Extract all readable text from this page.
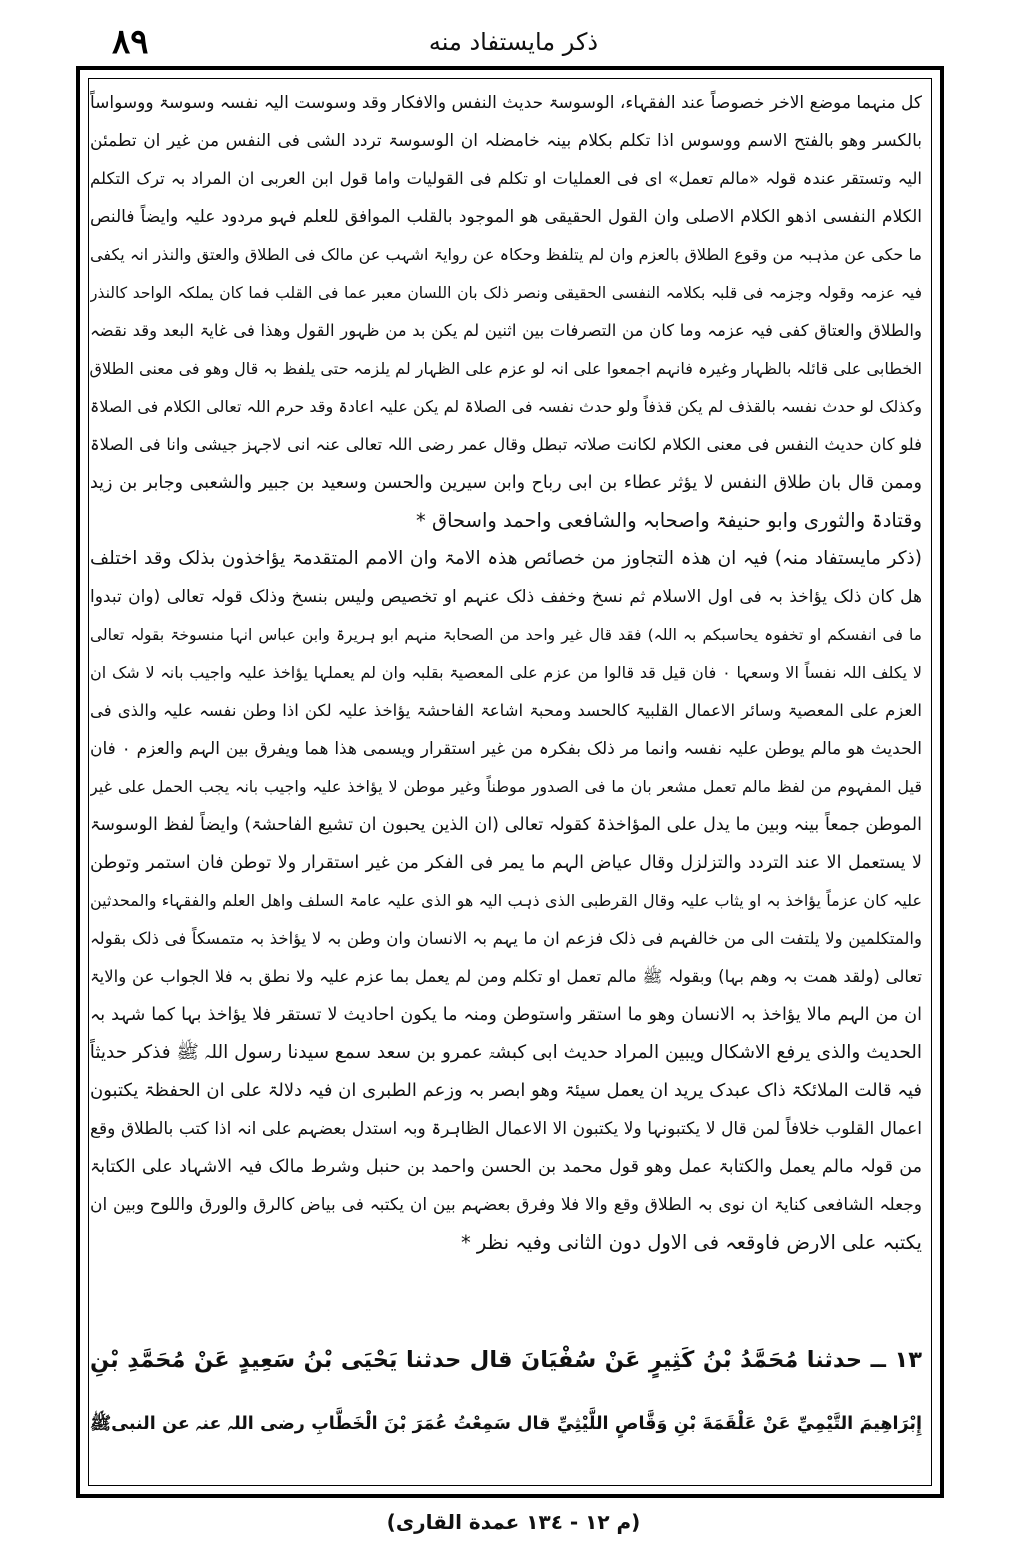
٨٩	ذکر مایستفاد منه
کل منہما موضع الاخر خصوصاً عند الفقہاء، الوسوسۃ حدیث النفس والافکار وقد وسوست الیہ نفسہ وسوسۃ ووسواساً
بالکسر وھو بالفتح الاسم ووسوس اذا تکلم بکلام بینہ خامضلہ ان الوسوسۃ تردد الشی فی النفس من غیر ان تطمئن
الیہ وتستقر عندہ قولہ «مالم تعمل» ای فی العملیات او تکلم فی القولیات واما قول ابن العربی ان المراد بہ ترک التکلم
الکلام النفسی اذھو الکلام الاصلی وان القول الحقیقی ھو الموجود بالقلب الموافق للعلم فہو مردود علیہ وایضاً فالنص
ما حکی عن مذہبہ من وقوع الطلاق بالعزم وان لم یتلفظ وحکاہ عن روایۃ اشہب عن مالک فی الطلاق والعتق والنذر انہ یکفی
فیہ عزمہ وقولہ وجزمہ فی قلبہ بکلامہ النفسی الحقیقی ونصر ذلک بان اللسان معبر عما فی القلب فما کان یملکہ الواحد کالنذر
والطلاق والعتاق کفی فیہ عزمہ وما کان من التصرفات بین اثنین لم یکن بد من ظہور القول وھذا فی غایۃ البعد وقد نقضہ
الخطابی علی قائلہ بالظہار وغیرہ فانہم اجمعوا علی انہ لو عزم علی الظہار لم یلزمہ حتی یلفظ بہ قال وھو فی معنی الطلاق
وکذلک لو حدث نفسہ بالقذف لم یکن قذفاً ولو حدث نفسہ فی الصلاۃ لم یکن علیہ اعادۃ وقد حرم اللہ تعالی الکلام فی الصلاۃ
فلو کان حدیث النفس فی معنی الکلام لکانت صلاتہ تبطل وقال عمر رضی اللہ تعالی عنہ انی لاجہز جیشی وانا فی الصلاۃ
وممن قال بان طلاق النفس لا یؤثر عطاء بن ابی رباح وابن سیرین والحسن وسعید بن جبیر والشعبی وجابر بن زید
وقتادۃ والثوری وابو حنیفۃ واصحابہ والشافعی واحمد واسحاق *
(ذکر مایستفاد منہ) فیہ ان ھذہ التجاوز من خصائص ھذہ الامۃ وان الامم المتقدمۃ یؤاخذون بذلک وقد اختلف
ھل کان ذلک یؤاخذ بہ فی اول الاسلام ثم نسخ وخفف ذلک عنہم او تخصیص ولیس بنسخ وذلک قولہ تعالی (وان تبدوا
ما فی انفسکم او تخفوہ یحاسبکم بہ اللہ) فقد قال غیر واحد من الصحابۃ منہم ابو ہریرۃ وابن عباس انہا منسوخۃ بقولہ تعالی
لا یکلف اللہ نفساً الا وسعہا ۰ فان قیل قد قالوا من عزم علی المعصیۃ بقلبہ وان لم یعملہا یؤاخذ علیہ واجیب بانہ لا شک ان
العزم علی المعصیۃ وسائر الاعمال القلبیۃ کالحسد ومحبۃ اشاعۃ الفاحشۃ یؤاخذ علیہ لکن اذا وطن نفسہ علیہ والذی فی
الحدیث ھو مالم یوطن علیہ نفسہ وانما مر ذلک بفکرہ من غیر استقرار ویسمی ھذا ھما ویفرق بین الہم والعزم ۰ فان
قیل المفہوم من لفظ مالم تعمل مشعر بان ما فی الصدور موطناً وغیر موطن لا یؤاخذ علیہ واجیب بانہ یجب الحمل علی غیر
الموطن جمعاً بینہ وبین ما یدل علی المؤاخذۃ کقولہ تعالی (ان الذین یحبون ان تشیع الفاحشۃ) وایضاً لفظ الوسوسۃ
لا یستعمل الا عند التردد والتزلزل وقال عیاض الہم ما یمر فی الفکر من غیر استقرار ولا توطن فان استمر وتوطن
علیہ کان عزماً یؤاخذ بہ او یثاب علیہ وقال القرطبی الذی ذہب الیہ ھو الذی علیہ عامۃ السلف واھل العلم والفقہاء والمحدثین
والمتکلمین ولا یلتفت الی من خالفہم فی ذلک فزعم ان ما یہم بہ الانسان وان وطن بہ لا یؤاخذ بہ متمسکاً فی ذلک بقولہ
تعالی (ولقد ھمت بہ وھم بہا) وبقولہ ﷺ مالم تعمل او تکلم ومن لم یعمل بما عزم علیہ ولا نطق بہ فلا الجواب عن والایۃ
ان من الہم مالا یؤاخذ بہ الانسان وھو ما استقر واستوطن ومنہ ما یکون احادیث لا تستقر فلا یؤاخذ بہا کما شہد بہ
الحدیث والذی یرفع الاشکال ویبین المراد حدیث ابی کبشۃ عمرو بن سعد سمع سیدنا رسول اللہ ﷺ فذکر حدیثاً
فیہ قالت الملائکۃ ذاک عبدک یرید ان یعمل سیئۃ وھو ابصر بہ وزعم الطبری ان فیہ دلالۃ علی ان الحفظۃ یکتبون
اعمال القلوب خلافاً لمن قال لا یکتبونہا ولا یکتبون الا الاعمال الظاہرۃ وبہ استدل بعضہم علی انہ اذا کتب بالطلاق وقع
من قولہ مالم یعمل والکتابۃ عمل وھو قول محمد بن الحسن واحمد بن حنبل وشرط مالک فیہ الاشہاد علی الکتابۃ
وجعلہ الشافعی کنایۃ ان نوی بہ الطلاق وقع والا فلا وفرق بعضہم بین ان یکتبہ فی بیاض کالرق والورق واللوح وبین ان
یکتبہ علی الارض فاوقعہ فی الاول دون الثانی وفیہ نظر *
۱۳ ــ حدثنا مُحَمَّدُ بْنُ كَثِيرٍ عَنْ سُفْيَانَ قال حدثنا يَحْيَى بْنُ سَعِيدٍ عَنْ مُحَمَّدِ بْنِ
إِبْرَاهِيمَ التَّيْمِيِّ عَنْ عَلْقَمَةَ بْنِ وَقَّاصٍ اللَّيْثِيِّ قال سَمِعْتُ عُمَرَ بْنَ الْخَطَّابِ رضی اللہ عنہ عن النبیﷺ
(م ۱۲ - ۱۳٤ عمدة القاری)
